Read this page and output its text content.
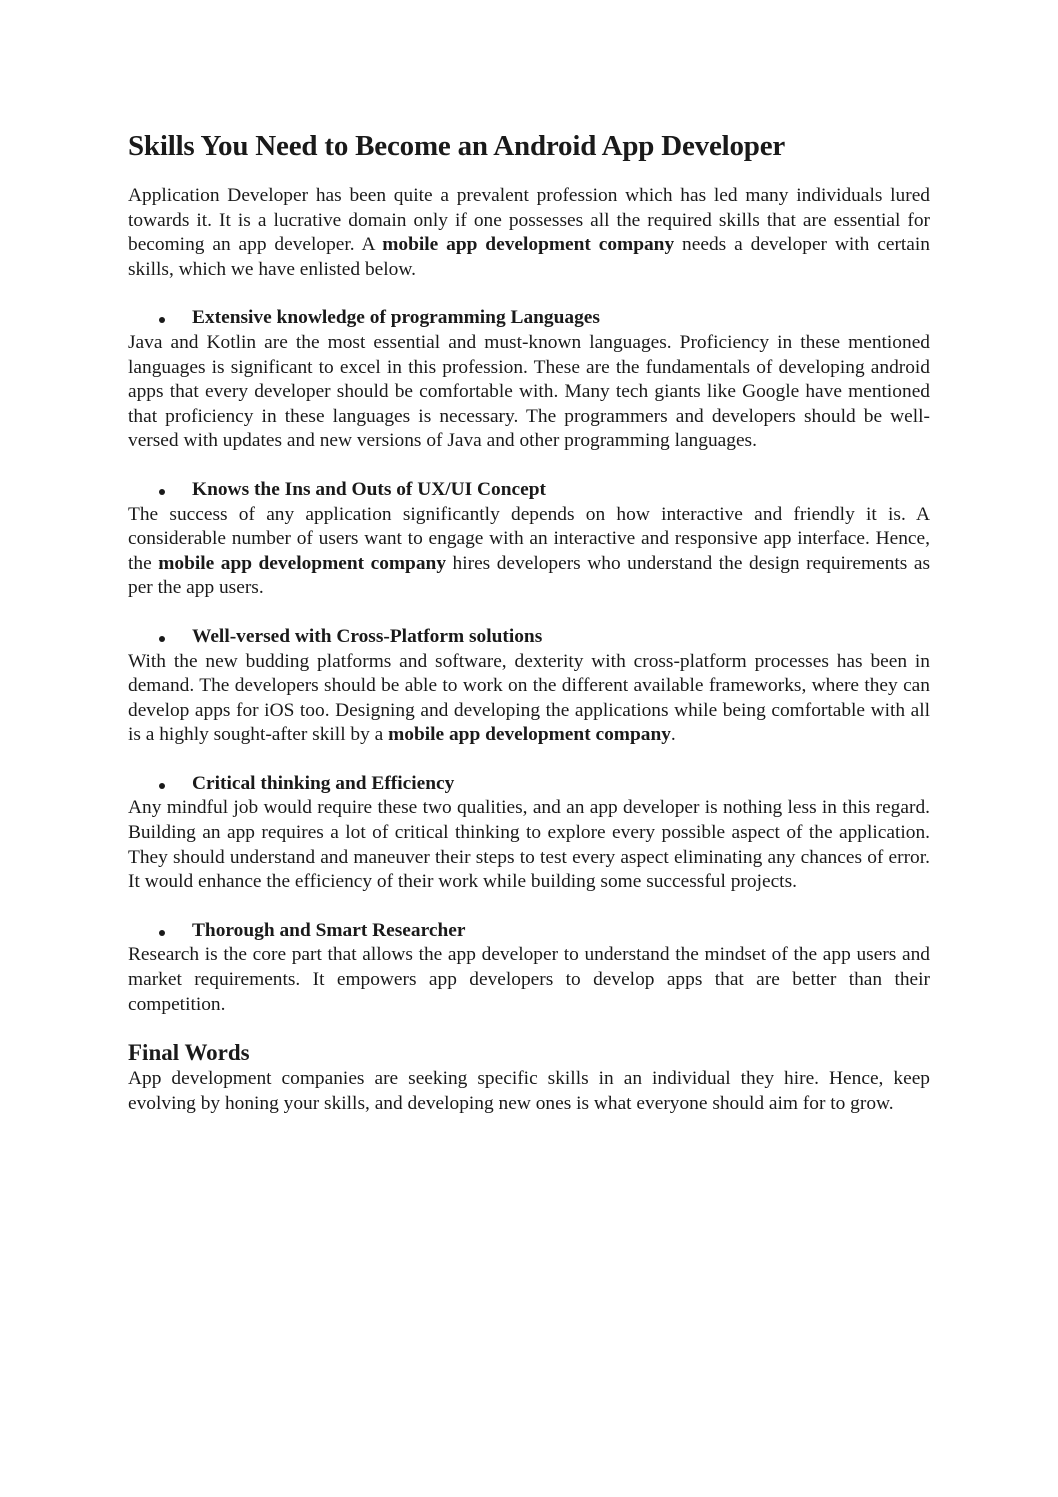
Skills You Need to Become an Android App Developer

Application Developer has been quite a prevalent profession which has led many individuals lured towards it. It is a lucrative domain only if one possesses all the required skills that are essential for becoming an app developer. A mobile app development company needs a developer with certain skills, which we have enlisted below.

Extensive knowledge of programming Languages

Java and Kotlin are the most essential and must-known languages. Proficiency in these mentioned languages is significant to excel in this profession. These are the fundamentals of developing android apps that every developer should be comfortable with. Many tech giants like Google have mentioned that proficiency in these languages is necessary. The programmers and developers should be well-versed with updates and new versions of Java and other programming languages.

Knows the Ins and Outs of UX/UI Concept

The success of any application significantly depends on how interactive and friendly it is. A considerable number of users want to engage with an interactive and responsive app interface. Hence, the mobile app development company hires developers who understand the design requirements as per the app users.

Well-versed with Cross-Platform solutions

With the new budding platforms and software, dexterity with cross-platform processes has been in demand. The developers should be able to work on the different available frameworks, where they can develop apps for iOS too. Designing and developing the applications while being comfortable with all is a highly sought-after skill by a mobile app development company.

Critical thinking and Efficiency

Any mindful job would require these two qualities, and an app developer is nothing less in this regard. Building an app requires a lot of critical thinking to explore every possible aspect of the application. They should understand and maneuver their steps to test every aspect eliminating any chances of error. It would enhance the efficiency of their work while building some successful projects.

Thorough and Smart Researcher

Research is the core part that allows the app developer to understand the mindset of the app users and market requirements. It empowers app developers to develop apps that are better than their competition.

Final Words

App development companies are seeking specific skills in an individual they hire. Hence, keep evolving by honing your skills, and developing new ones is what everyone should aim for to grow.
